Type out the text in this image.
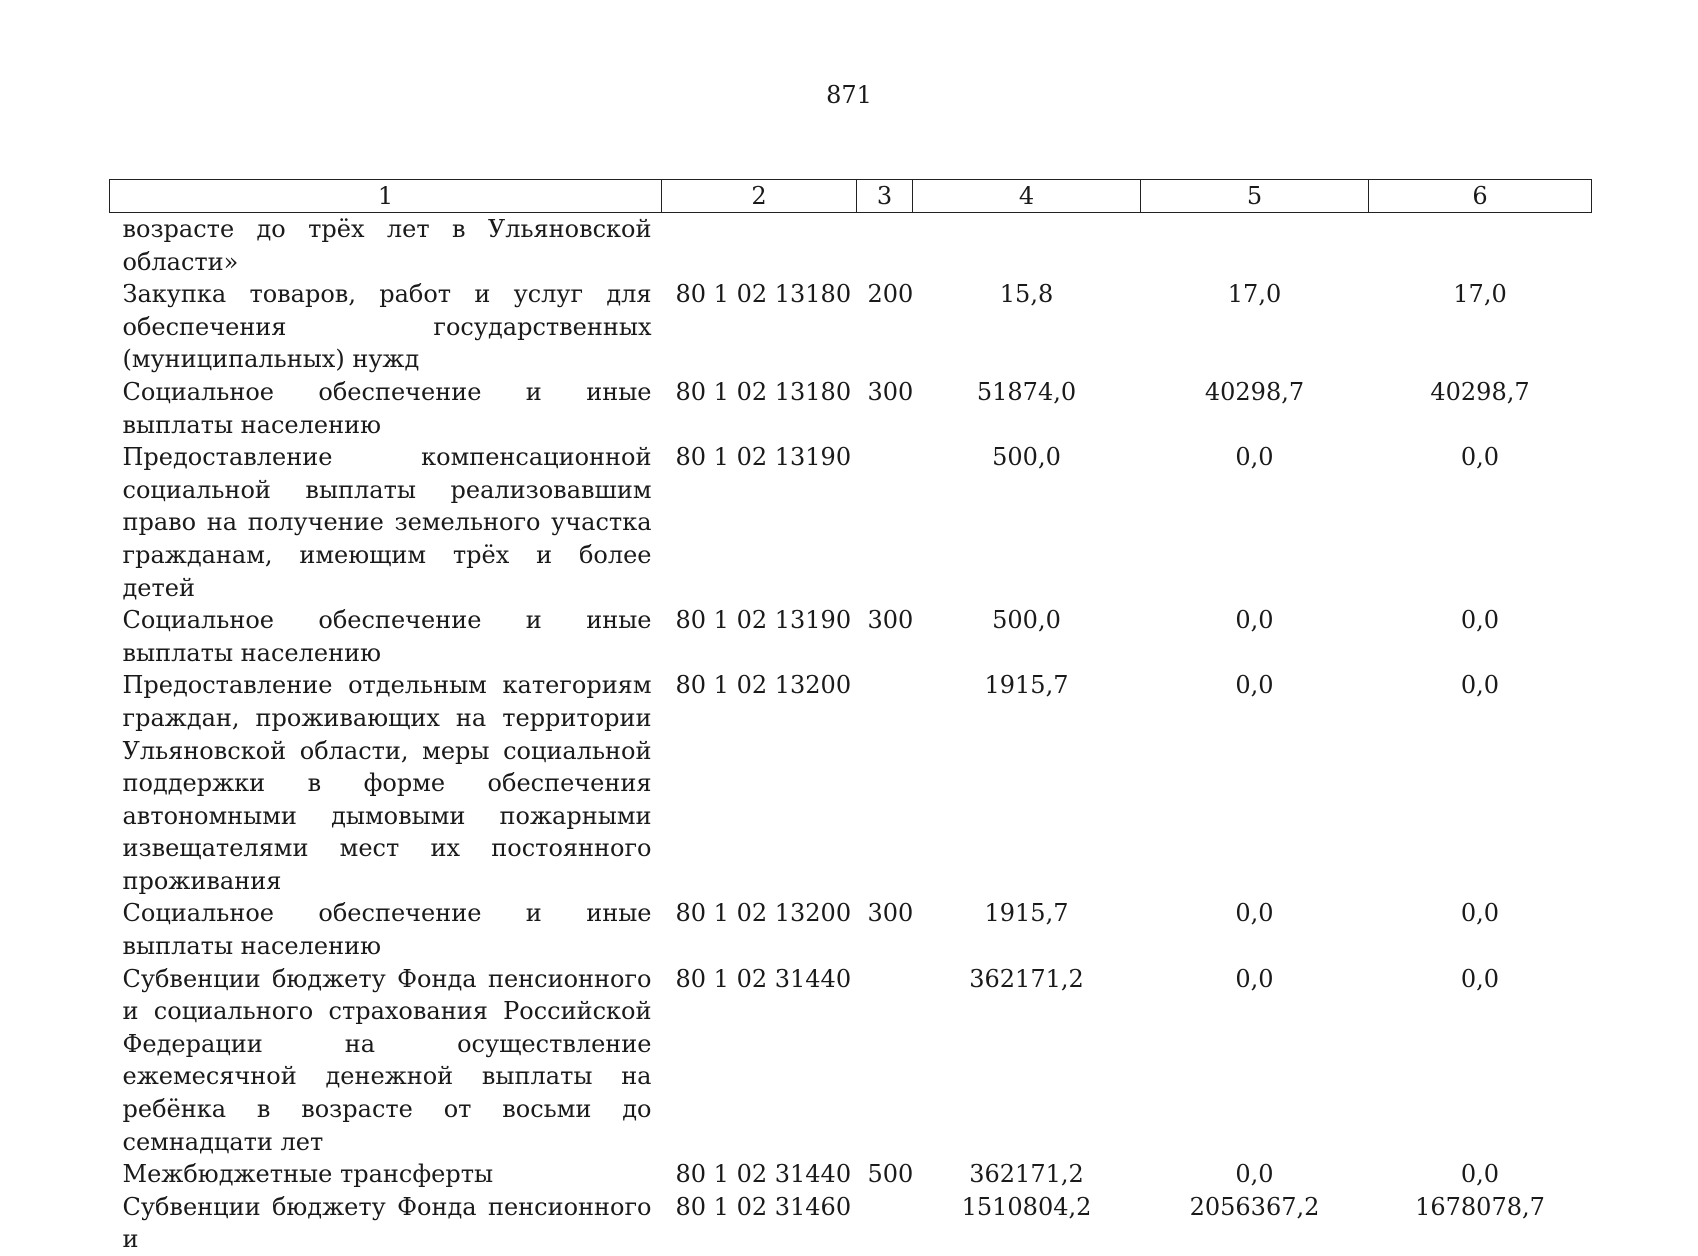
871
1	2	3	4	5	6
возрасте до трёх лет в Ульяновской области»					
Закупка товаров, работ и услуг для обеспечения государственных (муниципальных) нужд	80 1 02 13180	200	15,8	17,0	17,0
Социальное обеспечение и иные выплаты населению	80 1 02 13180	300	51874,0	40298,7	40298,7
Предоставление компенсационной социальной выплаты реализовавшим право на получение земельного участка гражданам, имеющим трёх и более детей	80 1 02 13190		500,0	0,0	0,0
Социальное обеспечение и иные выплаты населению	80 1 02 13190	300	500,0	0,0	0,0
Предоставление отдельным категориям граждан, проживающих на территории Ульяновской области, меры социальной поддержки в форме обеспечения автономными дымовыми пожарными извещателями мест их постоянного проживания	80 1 02 13200		1915,7	0,0	0,0
Социальное обеспечение и иные выплаты населению	80 1 02 13200	300	1915,7	0,0	0,0
Субвенции бюджету Фонда пенсионного и социального страхования Российской Федерации на осуществление ежемесячной денежной выплаты на ребёнка в возрасте от восьми до семнадцати лет	80 1 02 31440		362171,2	0,0	0,0
Межбюджетные трансферты	80 1 02 31440	500	362171,2	0,0	0,0
Субвенции бюджету Фонда пенсионного и	80 1 02 31460		1510804,2	2056367,2	1678078,7
